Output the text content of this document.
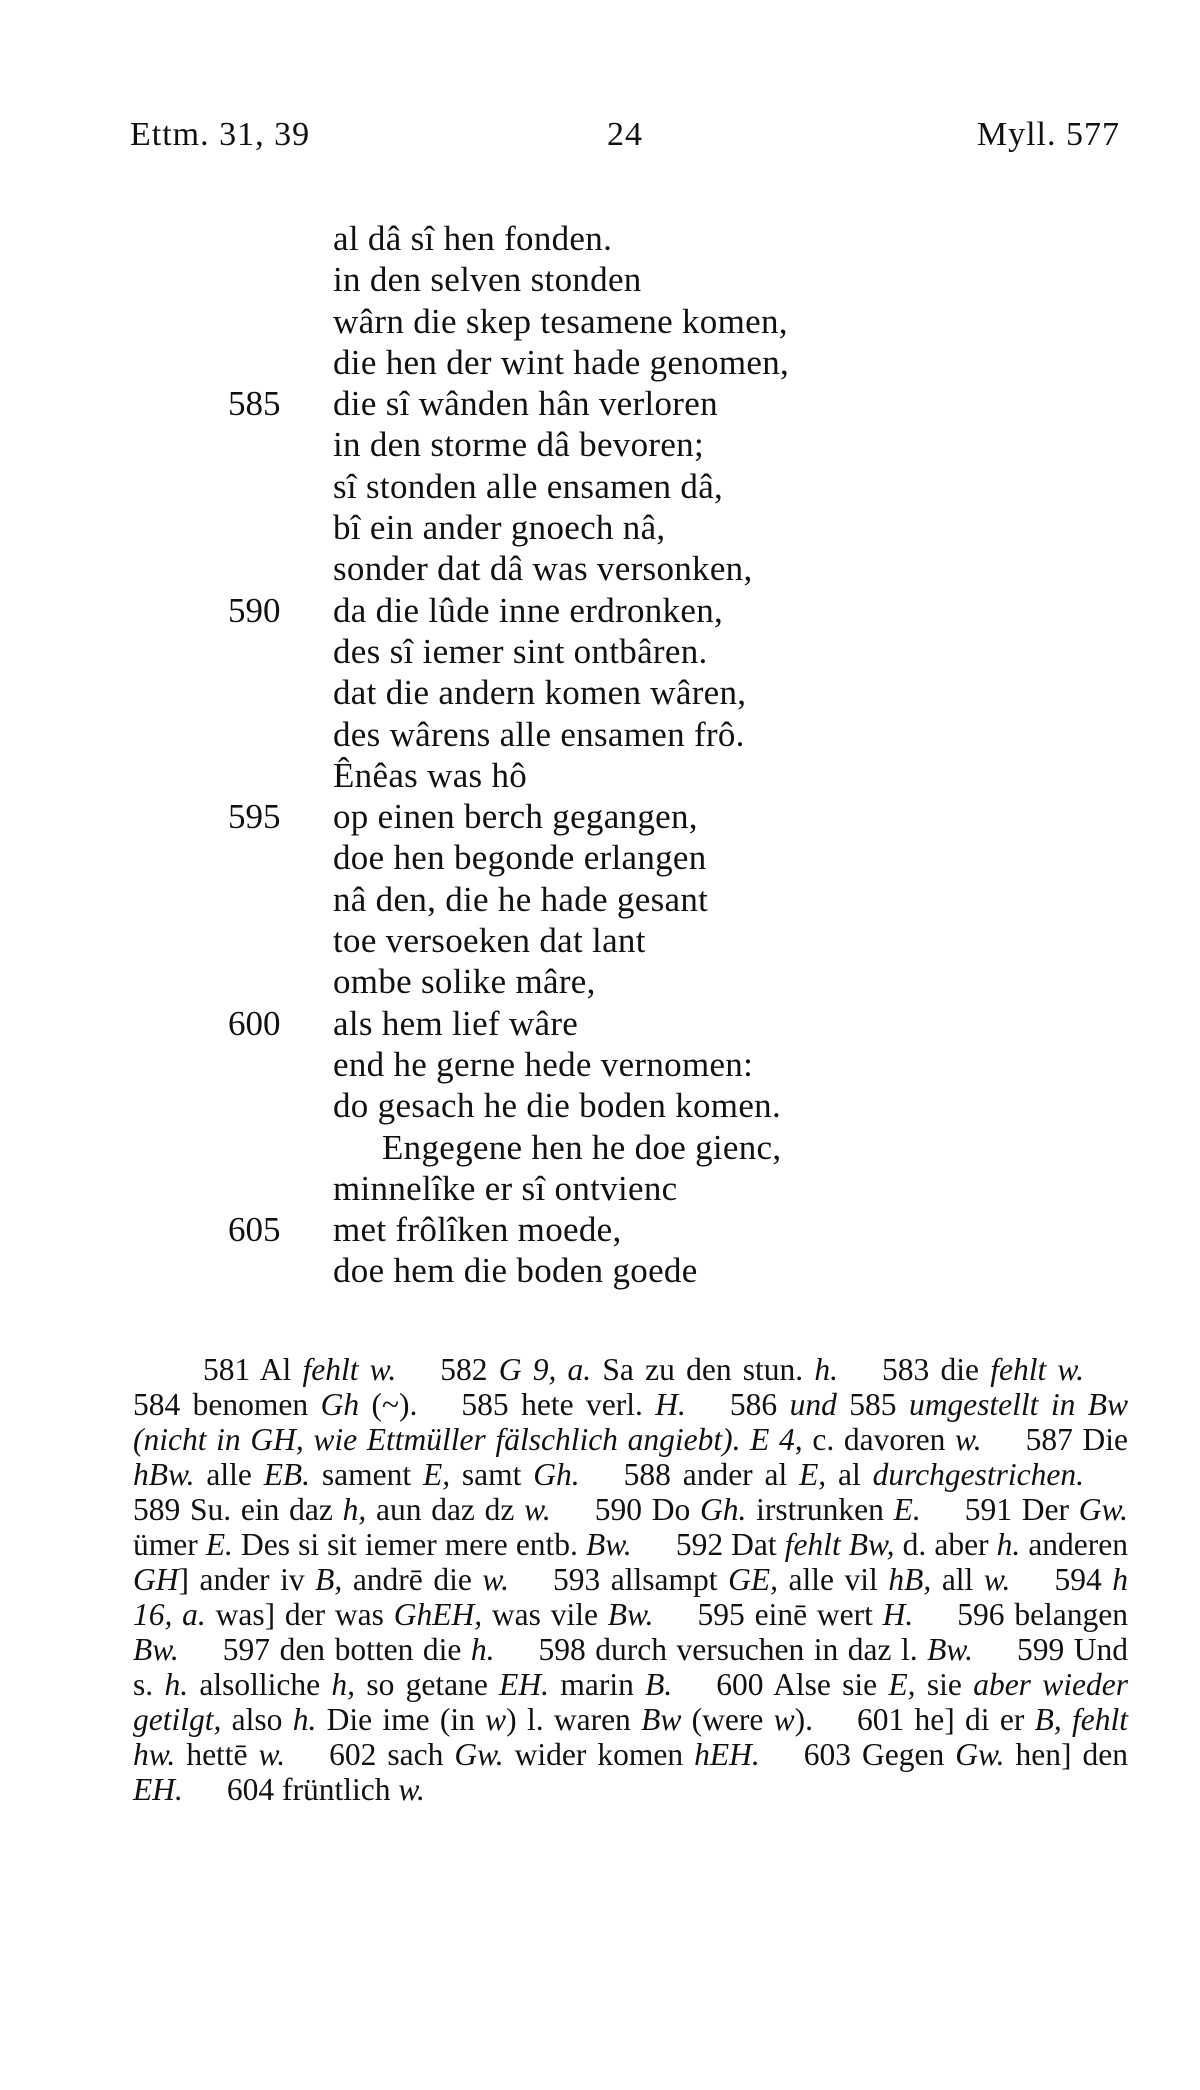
Ettm. 31, 39	24	Myll. 577
al dâ sî hen fonden.
in den selven stonden
wârn die skep tesamene komen,
die hen der wint hade genomen,
585 die sî wânden hân verloren
in den storme dâ bevoren;
sî stonden alle ensamen dâ,
bî ein ander gnoech nâ,
sonder dat dâ was versonken,
590 da die lûde inne erdronken,
des sî iemer sint ontbâren.
dat die andern komen wâren,
des wârens alle ensamen frô.
Ênêas was hô
595 op einen berch gegangen,
doe hen begonde erlangen
nâ den, die he hade gesant
toe versoeken dat lant
ombe solike mâre,
600 als hem lief wâre
end he gerne hede vernomen:
do gesach he die boden komen.
Engegene hen he doe gienc,
minnelîke er sî ontvienc
605 met frôlîken moede,
doe hem die boden goede
581 Al fehlt w. 582 G 9, a. Sa zu den stun. h. 583 die fehlt w.584 benomen Gh (~). 585 hete verl. H. 586 und 585 umgestellt in Bw (nicht in GH, wie Ettmüller fälschlich angiebt). E 4, c. davoren w. 587 Die hBw. alle EB. sament E, samt Gh. 588 ander al E, al durchgestrichen.589 Su. ein daz h, aun daz dz w. 590 Do Gh. irstrunken E. 591 Der Gw. ümer E. Des si sit iemer mere entb. Bw. 592 Dat fehlt Bw, d. aber h. anderen GH] ander iv B, andrē die w. 593 allsampt GE, alle vil hB, all w. 594 h 16, a. was] der was GhEH, was vile Bw. 595 einē wert H. 596 belangen Bw. 597 den botten die h. 598 durch versuchen in daz l. Bw. 599 Und s. h. alsolliche h, so getane EH. marin B. 600 Alse sie E, sie aber wieder getilgt, also h. Die ime (in w) l. waren Bw (were w). 601 he] di er B, fehlt hw. hettē w. 602 sach Gw. wider komen hEH. 603 Gegen Gw. hen] den EH. 604 früntlich w.
